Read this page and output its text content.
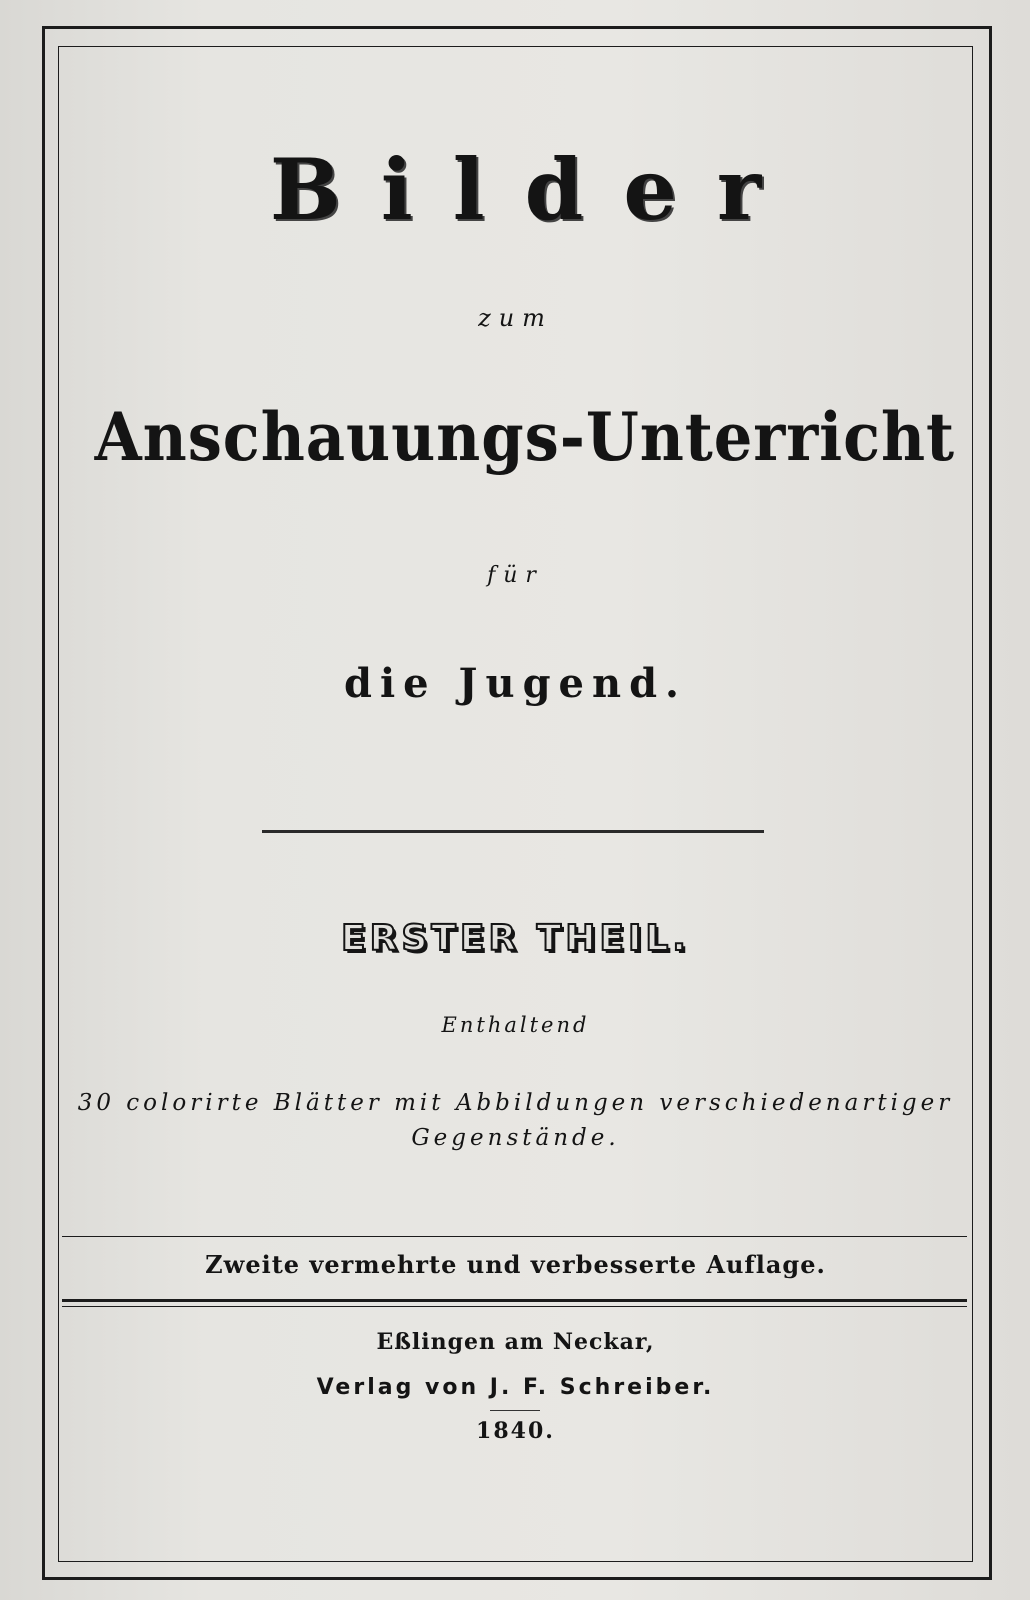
Bilder
zum
Anschauungs-Unterricht
für
die Jugend.
ERSTER THEIL.
Enthaltend
30 colorirte Blätter mit Abbildungen verschiedenartiger
Gegenstände.
Zweite vermehrte und verbesserte Auflage.
Eßlingen am Neckar,
Verlag von J. F. Schreiber.
1840.
